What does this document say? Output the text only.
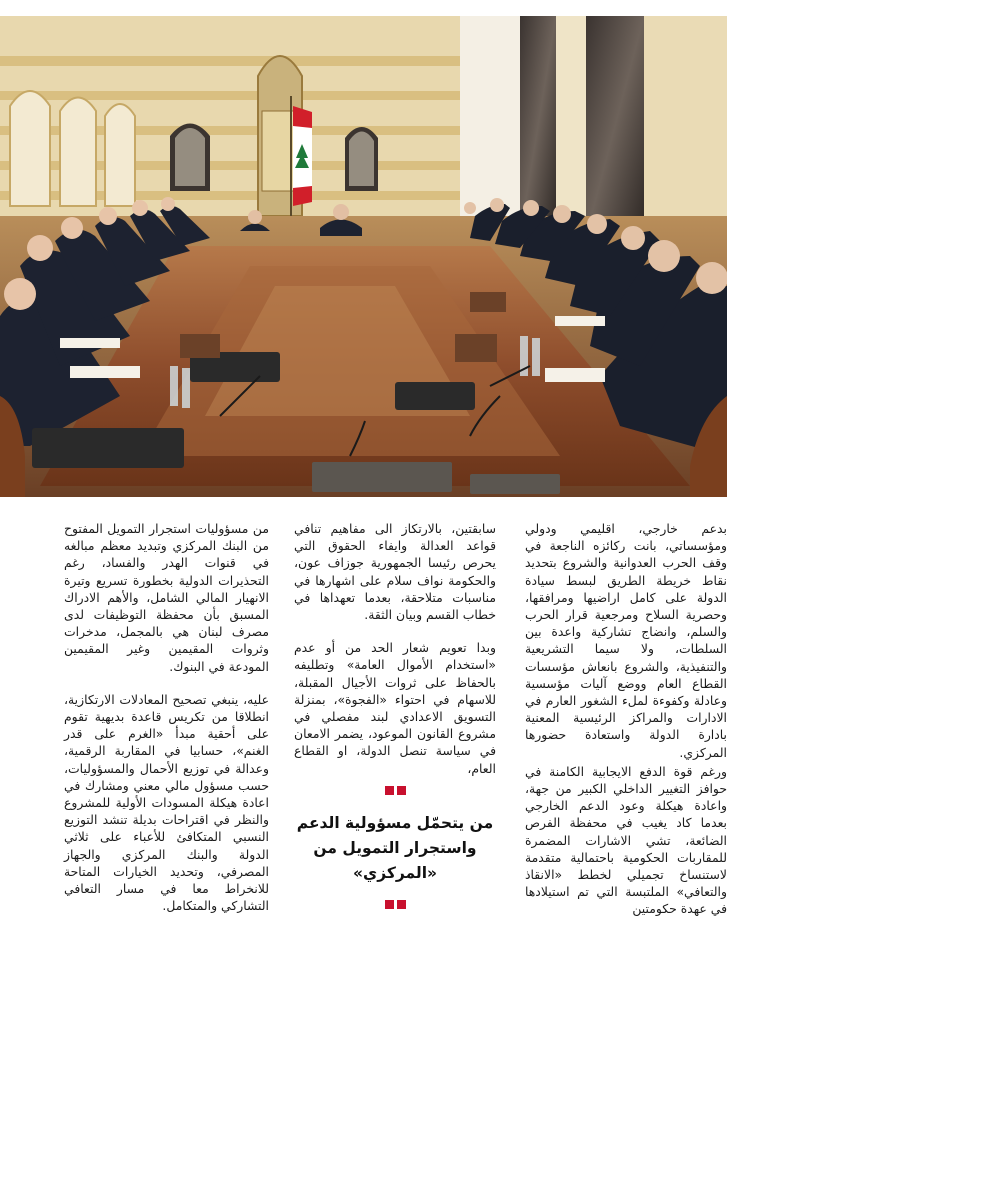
بدعم خارجي، اقليمي ودولي ومؤسساتي، بانت ركائزه الناجعة في وقف الحرب العدوانية والشروع بتحديد نقاط خريطة الطريق لبسط سيادة الدولة على كامل اراضيها ومرافقها، وحصرية السلاح ومرجعية قرار الحرب والسلم، وانضاج تشاركية واعدة بين السلطات، ولا سيما التشريعية والتنفيذية، والشروع بانعاش مؤسسات القطاع العام ووضع آليات مؤسسية وعادلة وكفوءة لملء الشغور العارم في الادارات والمراكز الرئيسية المعنية بادارة الدولة واستعادة حضورها المركزي.

ورغم قوة الدفع الايجابية الكامنة في حوافز التغيير الداخلي الكبير من جهة، واعادة هيكلة وعود الدعم الخارجي بعدما كاد يغيب في محفظة الفرص الضائعة، تشي الاشارات المضمرة للمقاربات الحكومية باحتمالية متقدمة لاستنساخ تجميلي لخطط «الانقاذ والتعافي» الملتبسة التي تم استيلادها في عهدة حكومتين

سابقتين، بالارتكاز الى مفاهيم تنافي قواعد العدالة وايفاء الحقوق التي يحرص رئيسا الجمهورية جوزاف عون، والحكومة نواف سلام على اشهارها في مناسبات متلاحقة، بعدما تعهداها في خطاب القسم وبيان الثقة.

وبدا تعويم شعار الحد من أو عدم «استخدام الأموال العامة» وتطليفه بالحفاظ على ثروات الأجيال المقبلة، للاسهام في احتواء «الفجوة»، بمنزلة التسويق الاعدادي لبند مفصلي في مشروع القانون الموعود، يضمر الامعان في سياسة تنصل الدولة، او القطاع العام،

من يتحمّل مسؤولية الدعم واستجرار التمويل من «المركزي»

من مسؤوليات استجرار التمويل المفتوح من البنك المركزي وتبديد معظم مبالغه في قنوات الهدر والفساد، رغم التحذيرات الدولية بخطورة تسريع وتيرة الانهيار المالي الشامل، والأهم الادراك المسبق بأن محفظة التوظيفات لدى مصرف لبنان هي بالمجمل، مدخرات وثروات المقيمين وغير المقيمين المودعة في البنوك.

عليه، ينبغي تصحيح المعادلات الارتكازية، انطلاقا من تكريس قاعدة بديهية تقوم على أحقية مبدأ «الغرم على قدر الغنم»، حسابيا في المقاربة الرقمية، وعدالة في توزيع الأحمال والمسؤوليات، حسب مسؤول مالي معني ومشارك في اعادة هيكلة المسودات الأولية للمشروع والنظر في اقتراحات بديلة تنشد التوزيع النسبي المتكافئ للأعباء على ثلاثي الدولة والبنك المركزي والجهاز المصرفي، وتحديد الخيارات المتاحة للانخراط معا في مسار التعافي التشاركي والمتكامل.
